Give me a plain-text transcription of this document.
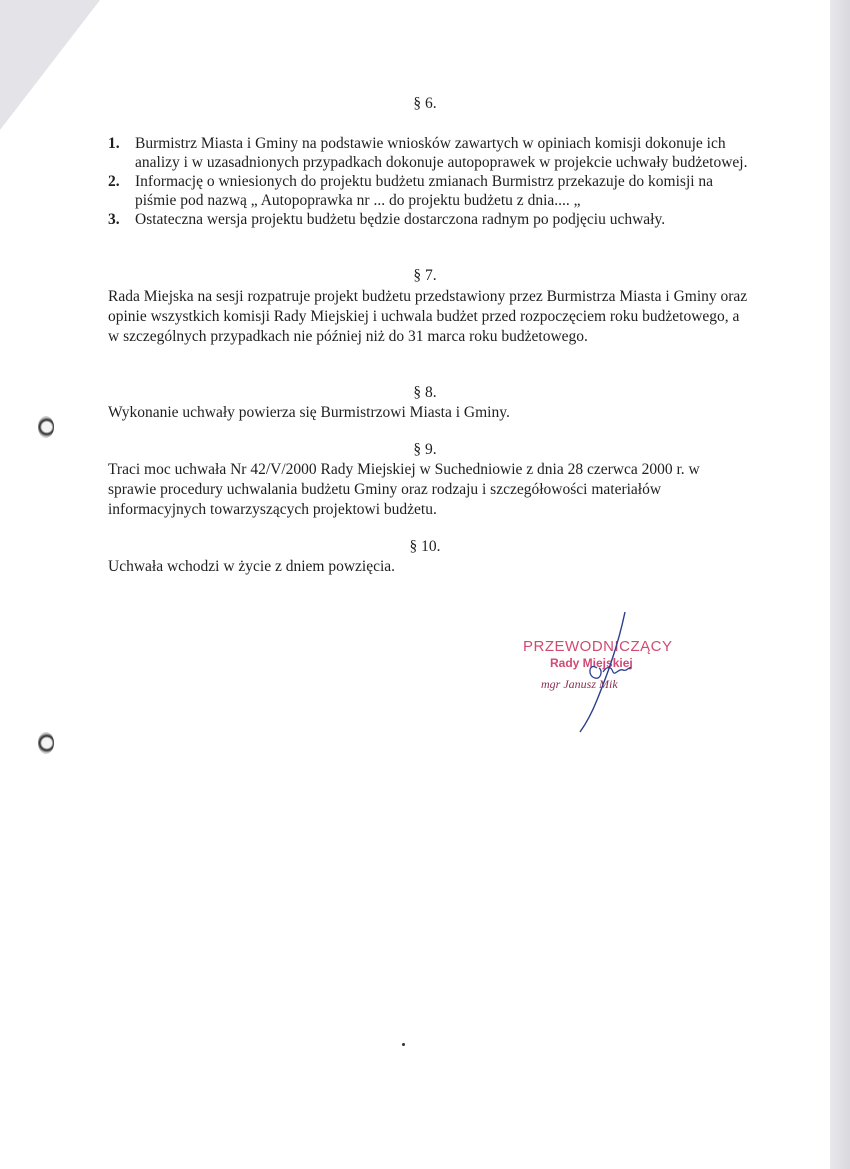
§ 6.
1. Burmistrz Miasta i Gminy na podstawie wniosków zawartych w opiniach komisji dokonuje ich analizy i w uzasadnionych przypadkach dokonuje autopoprawek w projekcie uchwały budżetowej.
2. Informację o wniesionych do projektu budżetu zmianach Burmistrz przekazuje do komisji na piśmie pod nazwą „ Autopoprawka nr ... do projektu budżetu z dnia.... „
3. Ostateczna wersja projektu budżetu będzie dostarczona radnym po podjęciu uchwały.
§ 7.
Rada Miejska na sesji rozpatruje projekt budżetu przedstawiony przez Burmistrza Miasta i Gminy oraz opinie wszystkich komisji Rady Miejskiej i uchwala budżet przed rozpoczęciem roku budżetowego, a w szczególnych przypadkach nie później niż do 31 marca roku budżetowego.
§ 8.
Wykonanie uchwały powierza się Burmistrzowi Miasta i Gminy.
§ 9.
Traci moc uchwała Nr 42/V/2000 Rady Miejskiej w Suchedniowie z dnia 28 czerwca 2000 r. w sprawie procedury uchwalania budżetu Gminy oraz rodzaju i szczegółowości materiałów informacyjnych towarzyszących projektowi budżetu.
§ 10.
Uchwała wchodzi w życie z dniem powzięcia.
PRZEWODNICZĄCY
Rady Miejskiej
mgr Janusz Mik
